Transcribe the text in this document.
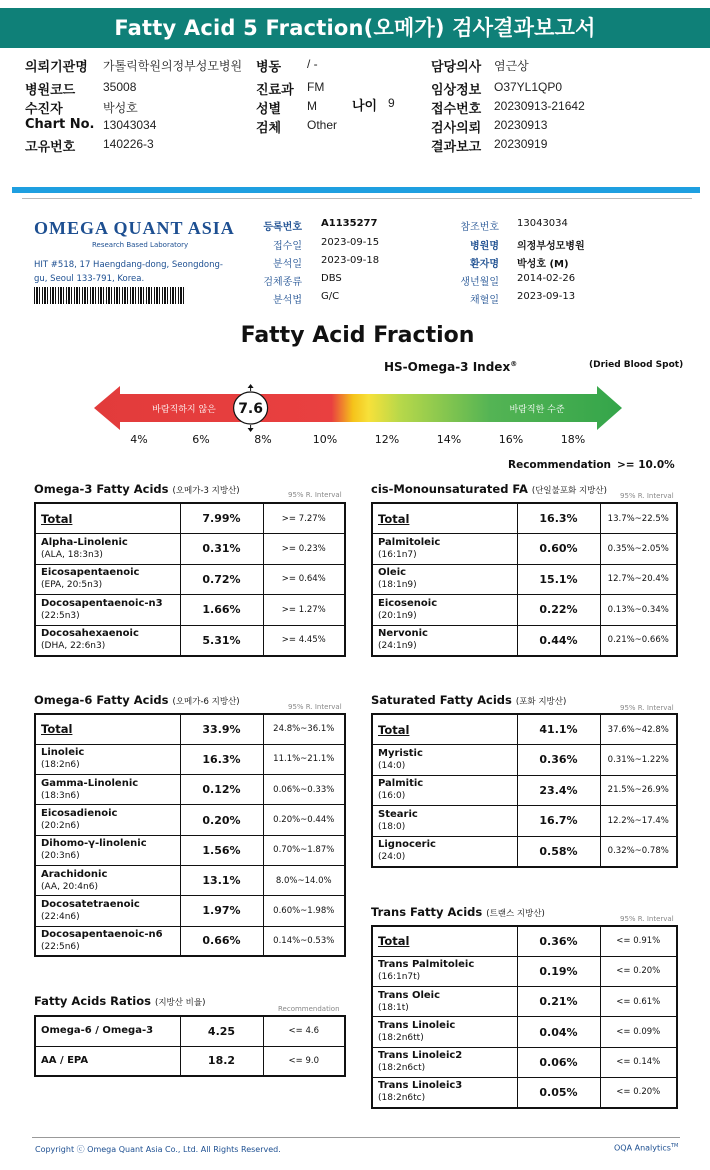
Fatty Acid 5 Fraction(오메가) 검사결과보고서
의뢰기관명 가톨릭학원의정부성모병원
병원코드 35008
수진자	박성호
Chart No. 13043034
고유번호 140226-3
병동 / -
진료과 FM
성별 M
검체 Other
담당의사 염근상
임상정보 O37YL1QP0
접수번호 20230913-21642
검사의뢰 20230913
결과보고 20230919
나이 9
OMEGA QUANT ASIA
Research Based Laboratory
HIT #518, 17 Haengdang-dong, Seongdong-gu, Seoul 133-791, Korea.
등록번호 A1135277
접수일 2023-09-15
분석일 2023-09-18
검체종류 DBS
분석법 G/C
참조번호 13043034
병원명 의정부성모병원
환자명 박성호 (M)
생년월일 2014-02-26
채혈일 2023-09-13
Fatty Acid Fraction
HS-Omega-3 Index®	(Dried Blood Spot)
7.6
바람직하지 않은	바람직한 수준
4%	6%	8%	10%	12%	14%	16%	18%
Recommendation >= 10.0%
Omega-3 Fatty Acids (오메가-3 지방산)	95% R. Interval	cis-Monounsaturated FA (단일불포화 지방산) 95% R. Interval
Omega-6 Fatty Acids (오메가-6 지방산)	95% R. Interval	Saturated Fatty Acids (포화 지방산)
95% R. Interval
Trans Fatty Acids (트랜스 지방산)	95% R. Interval
Fatty Acids Ratios (지방산 비율)
Recommendation
Total	7.99%	>= 7.27%
Alpha-Linolenic
(ALA, 18:3n3)	0.31%	>= 0.23%
Eicosapentaenoic
(EPA, 20:5n3)	0.72%	>= 0.64%
Docosapentaenoic-n3
(22:5n3)	1.66%	>= 1.27%
Docosahexaenoic
(DHA, 22:6n3)	5.31%	>= 4.45%
Total	16.3%	13.7%~22.5%
Palmitoleic
(16:1n7)	0.60%	0.35%~2.05%
Oleic
(18:1n9)	15.1%	12.7%~20.4%
Eicosenoic
(20:1n9)	0.22%	0.13%~0.34%
Nervonic
(24:1n9)	0.44%	0.21%~0.66%
Total	33.9%	24.8%~36.1%
Linoleic
(18:2n6)	16.3%	11.1%~21.1%
Gamma-Linolenic
(18:3n6)	0.12%	0.06%~0.33%
Eicosadienoic
(20:2n6)	0.20%	0.20%~0.44%
Dihomo-γ-linolenic
(20:3n6)	1.56%	0.70%~1.87%
Arachidonic
(AA, 20:4n6)	13.1%	8.0%~14.0%
Docosatetraenoic
(22:4n6)	1.97%	0.60%~1.98%
Docosapentaenoic-n6
(22:5n6)	0.66%	0.14%~0.53%
Total	41.1%	37.6%~42.8%
Myristic
(14:0)	0.36%	0.31%~1.22%
Palmitic
(16:0)	23.4%	21.5%~26.9%
Stearic
(18:0)	16.7%	12.2%~17.4%
Lignoceric
(24:0)	0.58%	0.32%~0.78%
Total	0.36%	<= 0.91%
Trans Palmitoleic
(16:1n7t)	0.19%	<= 0.20%
Trans Oleic
(18:1t)	0.21%	<= 0.61%
Trans Linoleic
(18:2n6tt)	0.04%	<= 0.09%
Trans Linoleic2
(18:2n6ct)	0.06%	<= 0.14%
Trans Linoleic3
(18:2n6tc)	0.05%	<= 0.20%
Omega-6 / Omega-3	4.25	<= 4.6
AA / EPA	18.2	<= 9.0
Copyright ⓒ Omega Quant Asia Co., Ltd. All Rights Reserved.	OQA Analytics™
